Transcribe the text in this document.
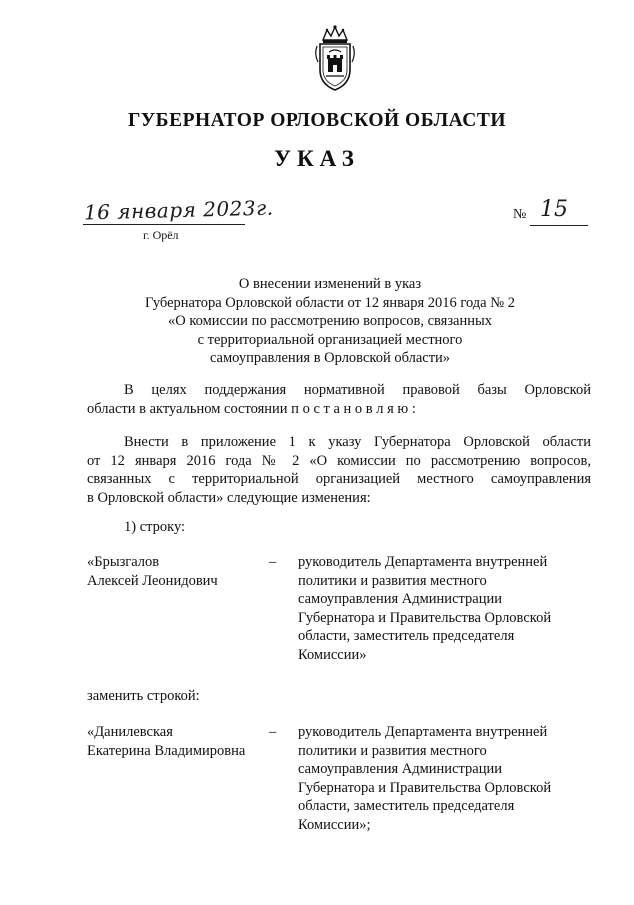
ГУБЕРНАТОР ОРЛОВСКОЙ ОБЛАСТИ
УКАЗ
16 января 2023г.
г. Орёл
№ 15
О внесении изменений в указ
Губернатора Орловской области от 12 января 2016 года № 2
«О комиссии по рассмотрению вопросов, связанных
с территориальной организацией местного
самоуправления в Орловской области»
В целях поддержания нормативной правовой базы Орловской
области в актуальном состоянии п о с т а н о в л я ю :
Внести в приложение 1 к указу Губернатора Орловской области
от 12 января 2016 года № 2 «О комиссии по рассмотрению вопросов,
связанных с территориальной организацией местного самоуправления
в Орловской области» следующие изменения:
1) строку:
«Брызгалов
Алексей Леонидович
– руководитель Департамента внутренней
политики и развития местного
самоуправления Администрации
Губернатора и Правительства Орловской
области, заместитель председателя
Комиссии»
заменить строкой:
«Данилевская
Екатерина Владимировна
– руководитель Департамента внутренней
политики и развития местного
самоуправления Администрации
Губернатора и Правительства Орловской
области, заместитель председателя
Комиссии»;
